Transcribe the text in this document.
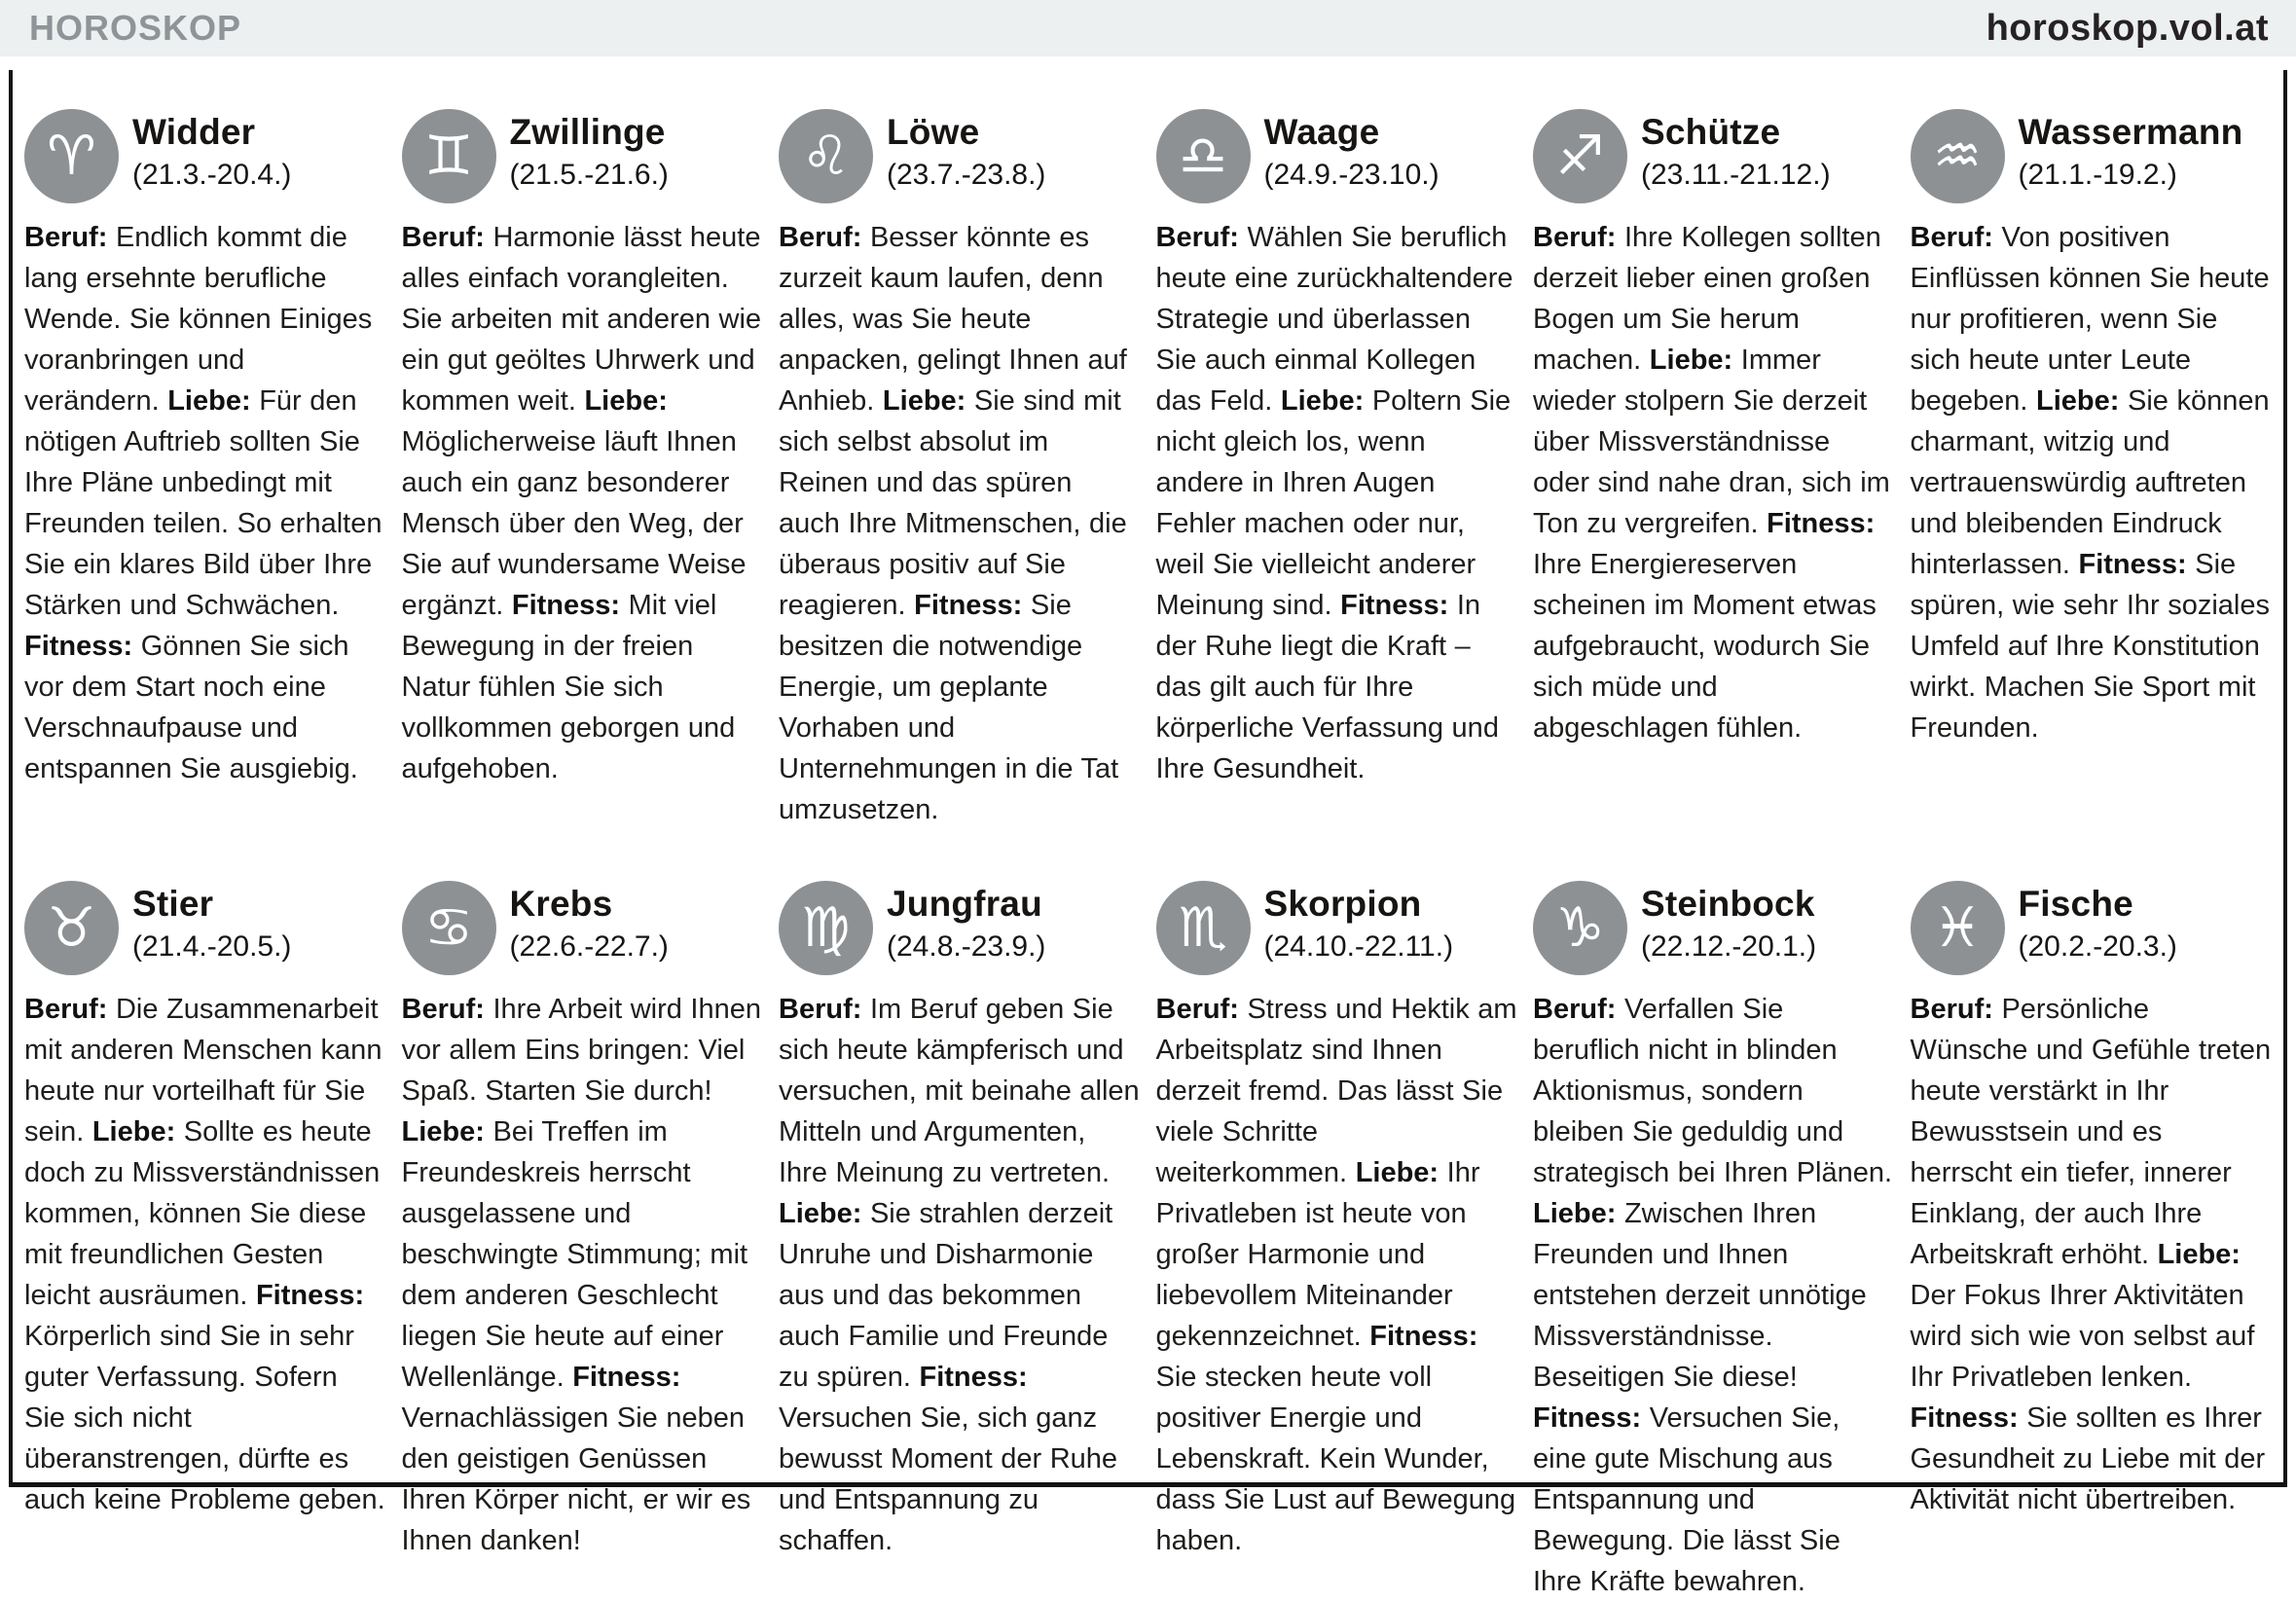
HOROSKOP	horoskop.vol.at
♈ Widder
(21.3.-20.4.)

Beruf: Endlich kommt die lang ersehnte berufliche Wende. Sie können Einiges voranbringen und verändern. Liebe: Für den nötigen Auftrieb sollten Sie Ihre Pläne unbedingt mit Freunden teilen. So erhalten Sie ein klares Bild über Ihre Stärken und Schwächen. Fitness: Gönnen Sie sich vor dem Start noch eine Verschnaufpause und entspannen Sie ausgiebig.

♊ Zwillinge
(21.5.-21.6.)

Beruf: Harmonie lässt heute alles einfach vorangleiten. Sie arbeiten mit anderen wie ein gut geöltes Uhrwerk und kommen weit. Liebe: Möglicherweise läuft Ihnen auch ein ganz besonderer Mensch über den Weg, der Sie auf wundersame Weise ergänzt. Fitness: Mit viel Bewegung in der freien Natur fühlen Sie sich vollkommen geborgen und aufgehoben.

♌ Löwe
(23.7.-23.8.)

Beruf: Besser könnte es zurzeit kaum laufen, denn alles, was Sie heute anpacken, gelingt Ihnen auf Anhieb. Liebe: Sie sind mit sich selbst absolut im Reinen und das spüren auch Ihre Mitmenschen, die überaus positiv auf Sie reagieren. Fitness: Sie besitzen die notwendige Energie, um geplante Vorhaben und Unternehmungen in die Tat umzusetzen.

♎ Waage
(24.9.-23.10.)

Beruf: Wählen Sie beruflich heute eine zurückhaltendere Strategie und überlassen Sie auch einmal Kollegen das Feld. Liebe: Poltern Sie nicht gleich los, wenn andere in Ihren Augen Fehler machen oder nur, weil Sie vielleicht anderer Meinung sind. Fitness: In der Ruhe liegt die Kraft – das gilt auch für Ihre körperliche Verfassung und Ihre Gesundheit.

♐ Schütze
(23.11.-21.12.)

Beruf: Ihre Kollegen sollten derzeit lieber einen großen Bogen um Sie herum machen. Liebe: Immer wieder stolpern Sie derzeit über Missverständnisse oder sind nahe dran, sich im Ton zu vergreifen. Fitness: Ihre Energiereserven scheinen im Moment etwas aufgebraucht, wodurch Sie sich müde und abgeschlagen fühlen.

♒ Wassermann
(21.1.-19.2.)

Beruf: Von positiven Einflüssen können Sie heute nur profitieren, wenn Sie sich heute unter Leute begeben. Liebe: Sie können charmant, witzig und vertrauenswürdig auftreten und bleibenden Eindruck hinterlassen. Fitness: Sie spüren, wie sehr Ihr soziales Umfeld auf Ihre Konstitution wirkt. Machen Sie Sport mit Freunden.

♉ Stier
(21.4.-20.5.)

Beruf: Die Zusammenarbeit mit anderen Menschen kann heute nur vorteilhaft für Sie sein. Liebe: Sollte es heute doch zu Missverständnissen kommen, können Sie diese mit freundlichen Gesten leicht ausräumen. Fitness: Körperlich sind Sie in sehr guter Verfassung. Sofern Sie sich nicht überanstrengen, dürfte es auch keine Probleme geben.

♋ Krebs
(22.6.-22.7.)

Beruf: Ihre Arbeit wird Ihnen vor allem Eins bringen: Viel Spaß. Starten Sie durch! Liebe: Bei Treffen im Freundeskreis herrscht ausgelassene und beschwingte Stimmung; mit dem anderen Geschlecht liegen Sie heute auf einer Wellenlänge. Fitness: Vernachlässigen Sie neben den geistigen Genüssen Ihren Körper nicht, er wir es Ihnen danken!

♍ Jungfrau
(24.8.-23.9.)

Beruf: Im Beruf geben Sie sich heute kämpferisch und versuchen, mit beinahe allen Mitteln und Argumenten, Ihre Meinung zu vertreten. Liebe: Sie strahlen derzeit Unruhe und Disharmonie aus und das bekommen auch Familie und Freunde zu spüren. Fitness: Versuchen Sie, sich ganz bewusst Moment der Ruhe und Entspannung zu schaffen.

♏ Skorpion
(24.10.-22.11.)

Beruf: Stress und Hektik am Arbeitsplatz sind Ihnen derzeit fremd. Das lässt Sie viele Schritte weiterkommen. Liebe: Ihr Privatleben ist heute von großer Harmonie und liebevollem Miteinander gekennzeichnet. Fitness: Sie stecken heute voll positiver Energie und Lebenskraft. Kein Wunder, dass Sie Lust auf Bewegung haben.

♑ Steinbock
(22.12.-20.1.)

Beruf: Verfallen Sie beruflich nicht in blinden Aktionismus, sondern bleiben Sie geduldig und strategisch bei Ihren Plänen. Liebe: Zwischen Ihren Freunden und Ihnen entstehen derzeit unnötige Missverständnisse. Beseitigen Sie diese! Fitness: Versuchen Sie, eine gute Mischung aus Entspannung und Bewegung. Die lässt Sie Ihre Kräfte bewahren.

♓ Fische
(20.2.-20.3.)

Beruf: Persönliche Wünsche und Gefühle treten heute verstärkt in Ihr Bewusstsein und es herrscht ein tiefer, innerer Einklang, der auch Ihre Arbeitskraft erhöht. Liebe: Der Fokus Ihrer Aktivitäten wird sich wie von selbst auf Ihr Privatleben lenken. Fitness: Sie sollten es Ihrer Gesundheit zu Liebe mit der Aktivität nicht übertreiben.
